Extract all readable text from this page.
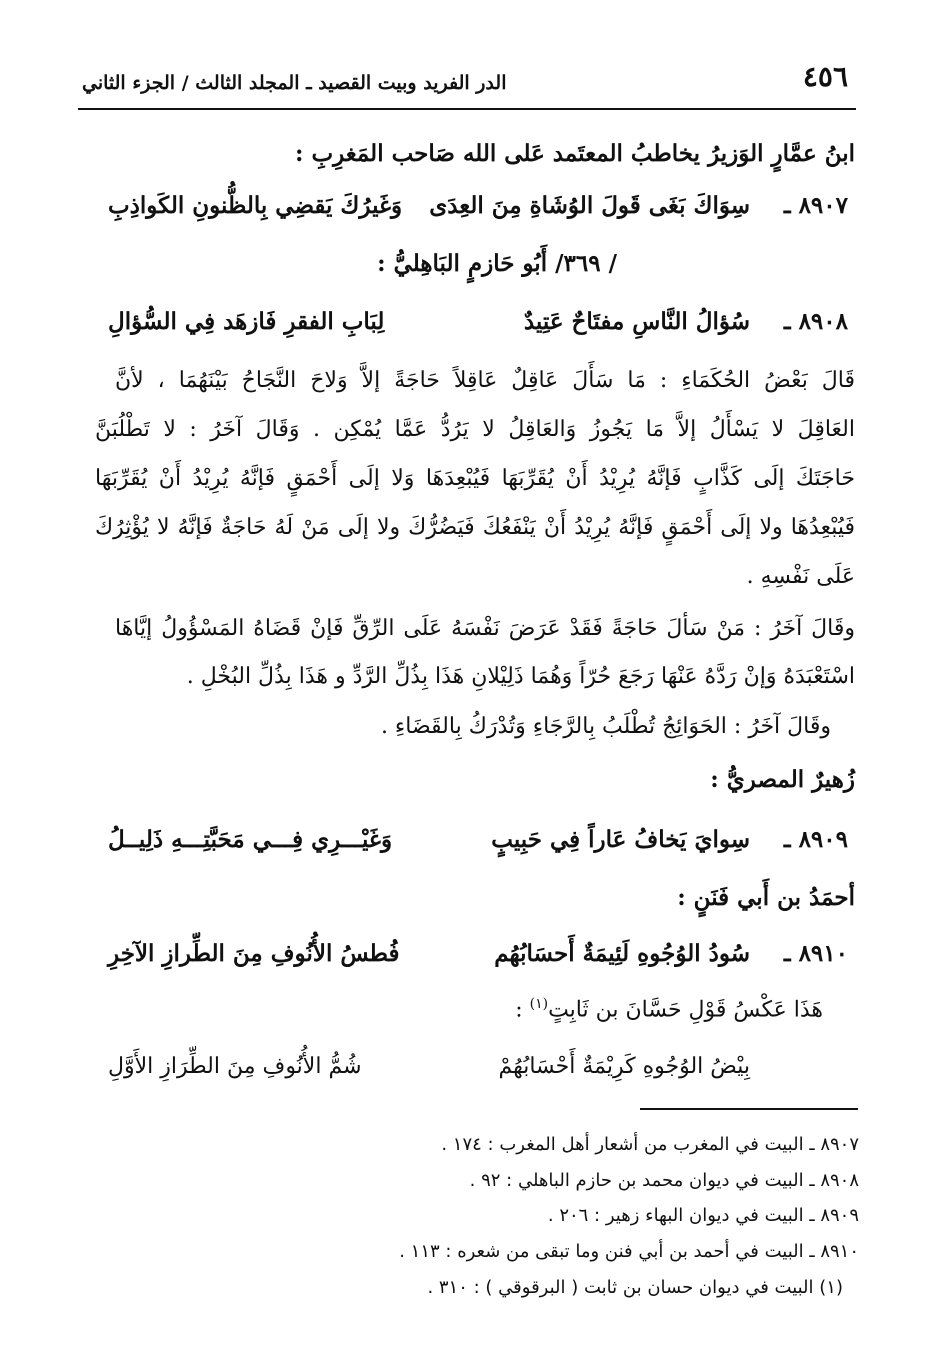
٤٥٦
الدر الفريد وبيت القصيد ـ المجلد الثالث / الجزء الثاني
ابنُ عمَّارٍ الوَزيرُ يخاطبُ المعتَمد عَلى الله صَاحب المَغرِبِ :
٨٩٠٧ ـ
سِوَاكَ بَغَى قَولَ الوُشَاةِ مِنَ العِدَى
وَغَيرُكَ يَقضِي بِالظُّنونِ الكَواذِبِ
/ ٣٦٩/ أَبُو حَازمٍ البَاهِليُّ :
٨٩٠٨ ـ
سُؤالُ النَّاسِ مفتَاحٌ عَتِيدٌ
لِبَابِ الفقرِ فَازهَد فِي السُّؤالِ
قَالَ بَعْضُ الحُكَمَاءِ : مَا سَأَلَ عَاقِلٌ عَاقِلاً حَاجَةً إلاَّ وَلاحَ النَّجَاحُ بَيْنَهُمَا ، لأنَّ
العَاقِلَ لا يَسْأَلُ إلاَّ مَا يَجُوزُ وَالعَاقِلُ لا يَرُدُّ عَمَّا يُمْكِن . وَقَالَ آخَرُ : لا تَطْلُبَنَّ
حَاجَتَكَ إلَى كَذَّابٍ فَإنَّهُ يُرِيْدُ أَنْ يُقَرِّبَهَا فَيُبْعِدَهَا وَلا إلَى أَحْمَقٍ فَإنَّهُ يُرِيْدُ أَنْ يُقَرِّبَهَا
فَيُبْعِدُهَا ولا إلَى أَحْمَقٍ فَإنَّهُ يُرِيْدُ أَنْ يَنْفَعُكَ فَيَضُرُّكَ ولا إلَى مَنْ لَهُ حَاجَةٌ فَإنَّهُ لا يُؤْثِرُكَ
عَلَى نَفْسِهِ .
وقَالَ آخَرُ : مَنْ سَألَ حَاجَةً فَقَدْ عَرَضَ نَفْسَهُ عَلَى الرِّقِّ فَإنْ قَضَاهُ المَسْؤُولُ إيَّاهَا
اسْتَعْبَدَهُ وَإنْ رَدَّهُ عَنْهَا رَجَعَ حُرّاً وَهُمَا ذَلِيْلانِ هَذَا بِذُلِّ الرَّدِّ و هَذَا بِذُلِّ البُخْلِ .
وقَالَ آخَرُ : الحَوَائِجُ تُطْلَبُ بِالرَّجَاءِ وَتُدْرَكُ بِالقَضَاءِ .
زُهيرٌ المصريُّ :
٨٩٠٩ ـ
سِوايَ يَخافُ عَاراً فِي حَبِيبٍ
وَغَيْـــرِي فِـــي مَحَبَّتِـــهِ ذَلِيــلُ
أحمَدُ بن أَبي فَنَنٍ :
٨٩١٠ ـ
سُودُ الوُجُوهِ لَئِيمَةٌ أَحسَابُهُم
فُطسُ الأُنُوفِ مِنَ الطِّرازِ الآخِرِ
هَذَا عَكْسُ قَوْلِ حَسَّانَ بن ثَابِتٍ$^{(١)}$ :
بِيْضُ الوُجُوهِ كَرِيْمَةٌ أَحْسَابُهُمْ
شُمُّ الأُنُوفِ مِنَ الطِّرَازِ الأَوَّلِ
٨٩٠٧ ـ البيت في المغرب من أشعار أهل المغرب : ١٧٤ .
٨٩٠٨ ـ البيت في ديوان محمد بن حازم الباهلي : ٩٢ .
٨٩٠٩ ـ البيت في ديوان البهاء زهير : ٢٠٦ .
٨٩١٠ ـ البيت في أحمد بن أبي فنن وما تبقى من شعره : ١١٣ .
(١) البيت في ديوان حسان بن ثابت ( البرقوقي ) : ٣١٠ .
